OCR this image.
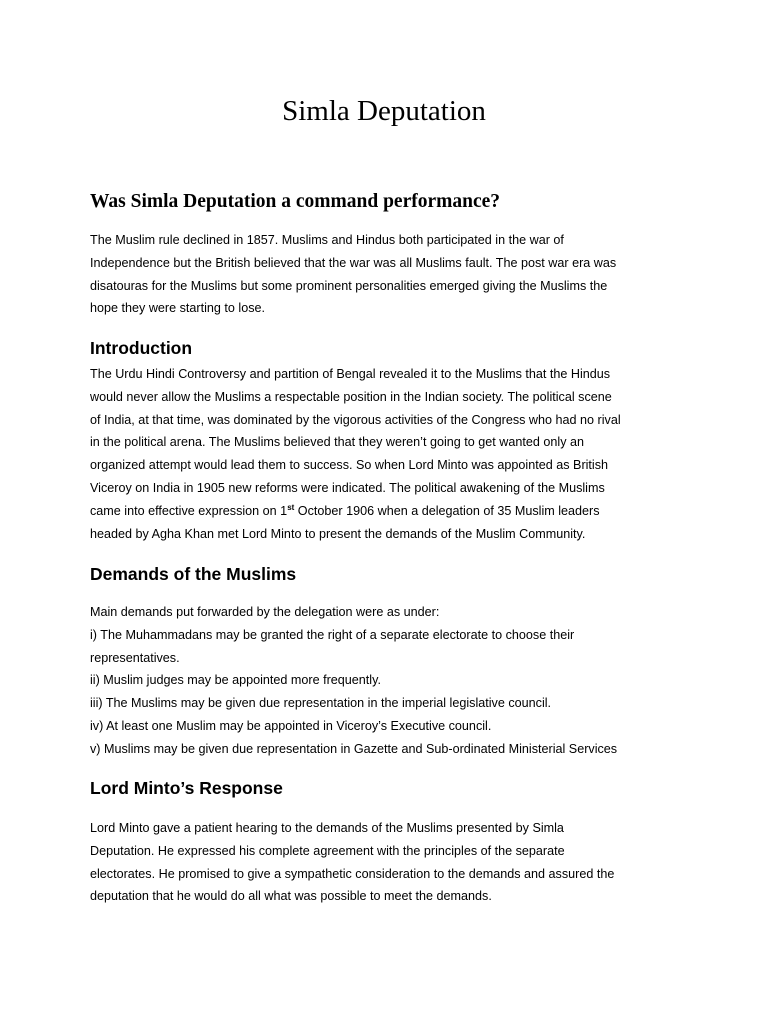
Simla Deputation
Was Simla Deputation a command performance?

The Muslim rule declined in 1857. Muslims and Hindus both participated in the war of
Independence but the British believed that the war was all Muslims fault. The post war era was
disatouras for the Muslims but some prominent personalities emerged giving the Muslims the
hope they were starting to lose.

Introduction

The Urdu Hindi Controversy and partition of Bengal revealed it to the Muslims that the Hindus
would never allow the Muslims a respectable position in the Indian society. The political scene
of India, at that time, was dominated by the vigorous activities of the Congress who had no rival
in the political arena. The Muslims believed that they weren’t going to get wanted only an
organized attempt would lead them to success. So when Lord Minto was appointed as British
Viceroy on India in 1905 new reforms were indicated. The political awakening of the Muslims
came into effective expression on 1st October 1906 when a delegation of 35 Muslim leaders
headed by Agha Khan met Lord Minto to present the demands of the Muslim Community.

Demands of the Muslims

Main demands put forwarded by the delegation were as under:
i) The Muhammadans may be granted the right of a separate electorate to choose their
representatives.
ii) Muslim judges may be appointed more frequently.
iii) The Muslims may be given due representation in the imperial legislative council.
iv) At least one Muslim may be appointed in Viceroy’s Executive council.
v) Muslims may be given due representation in Gazette and Sub-ordinated Ministerial Services

Lord Minto’s Response

Lord Minto gave a patient hearing to the demands of the Muslims presented by Simla
Deputation. He expressed his complete agreement with the principles of the separate
electorates. He promised to give a sympathetic consideration to the demands and assured the
deputation that he would do all what was possible to meet the demands.
